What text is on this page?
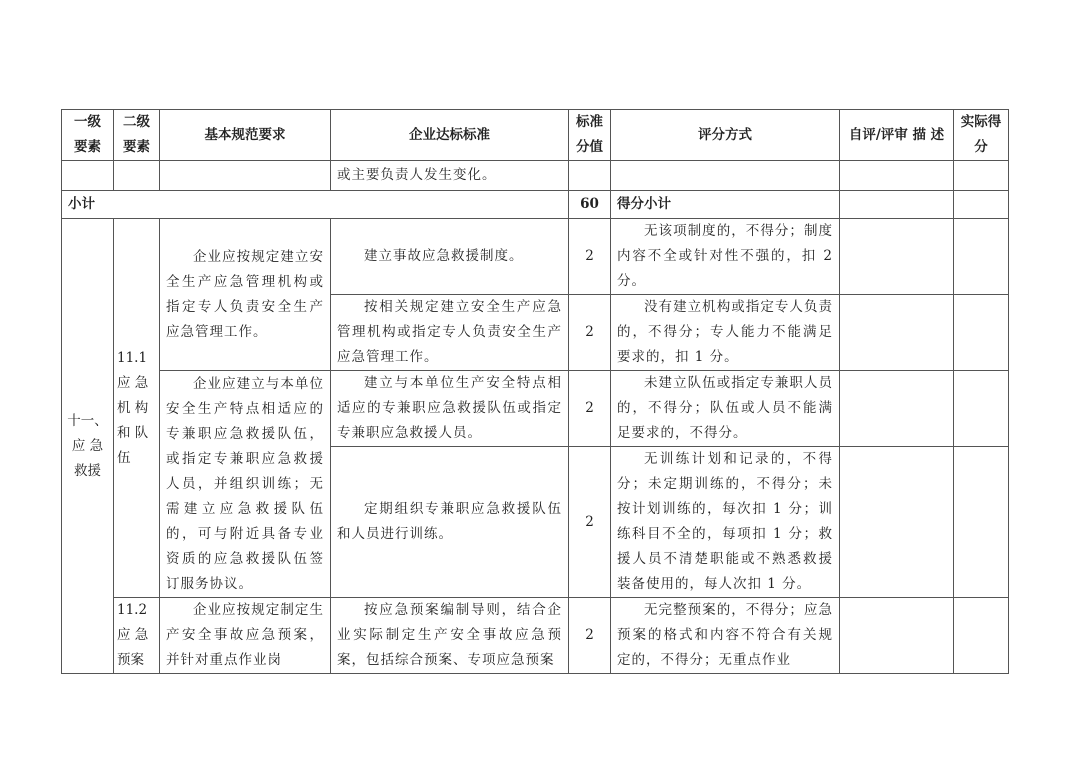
一级要素	二级要素	基本规范要求	企业达标标准	标准分值	评分方式	自评/评审 描 述	实际得分
			或主要负责人发生变化。				
小计				60	得分小计		
十一、应 急 救援	11.1 应 急 机 构 和 队 伍	企业应按规定建立安全生产应急管理机构或指定专人负责安全生产应急管理工作。	建立事故应急救援制度。	2	无该项制度的，不得分；制度内容不全或针对性不强的，扣 2 分。		
			按相关规定建立安全生产应急管理机构或指定专人负责安全生产应急管理工作。	2	没有建立机构或指定专人负责的，不得分；专人能力不能满足要求的，扣 1 分。		
		企业应建立与本单位安全生产特点相适应的专兼职应急救援队伍，或指定专兼职应急救援人员，并组织训练；无需建立应急救援队伍的，可与附近具备专业资质的应急救援队伍签订服务协议。	建立与本单位生产安全特点相适应的专兼职应急救援队伍或指定专兼职应急救援人员。	2	未建立队伍或指定专兼职人员的，不得分；队伍或人员不能满足要求的，不得分。		
			定期组织专兼职应急救援队伍和人员进行训练。	2	无训练计划和记录的，不得分；未定期训练的，不得分；未按计划训练的，每次扣 1 分；训练科目不全的，每项扣 1 分；救援人员不清楚职能或不熟悉救援装备使用的，每人次扣 1 分。		
	11.2 应 急 预案	企业应按规定制定生产安全事故应急预案，并针对重点作业岗	按应急预案编制导则，结合企业实际制定生产安全事故应急预案，包括综合预案、专项应急预案	2	无完整预案的，不得分；应急预案的格式和内容不符合有关规定的，不得分；无重点作业		
